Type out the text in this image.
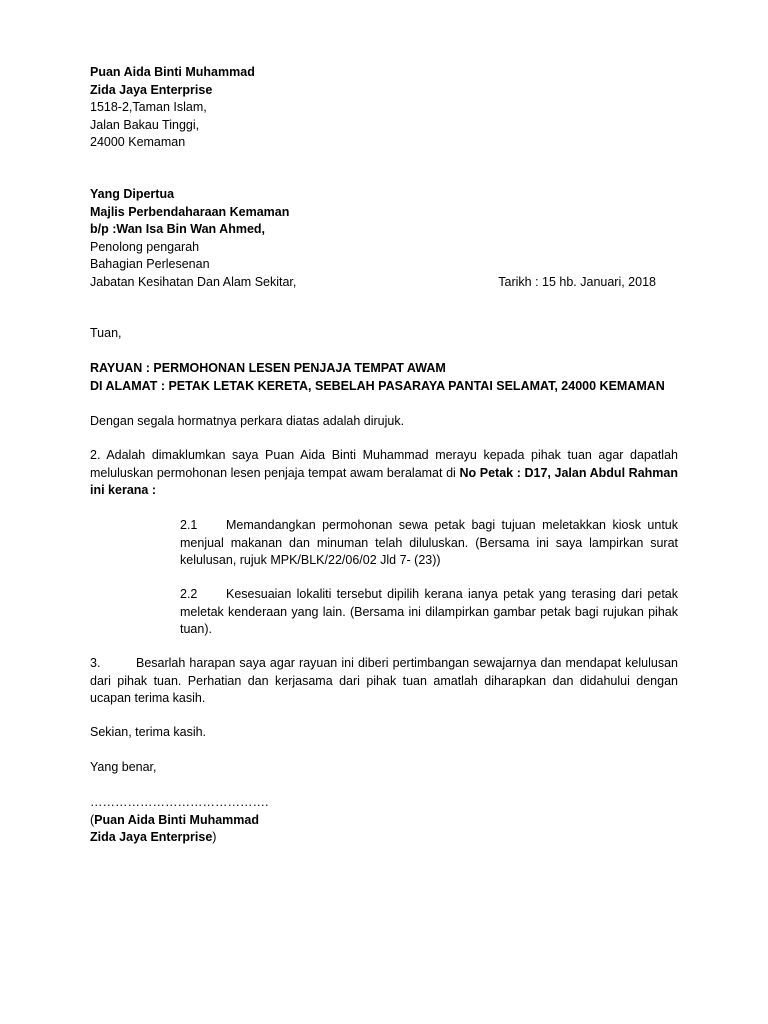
Puan Aida Binti Muhammad

Zida Jaya Enterprise

1518-2,Taman Islam,

Jalan Bakau Tinggi,

24000 Kemaman

Yang Dipertua

Majlis Perbendaharaan Kemaman

b/p :Wan Isa Bin Wan Ahmed,

Penolong pengarah

Bahagian Perlesenan

Jabatan Kesihatan Dan Alam Sekitar,	Tarikh : 15 hb. Januari, 2018

Tuan,

RAYUAN : PERMOHONAN LESEN PENJAJA TEMPAT AWAM

DI ALAMAT : PETAK LETAK KERETA, SEBELAH PASARAYA PANTAI SELAMAT, 24000 KEMAMAN

Dengan segala hormatnya perkara diatas adalah dirujuk.

2. Adalah dimaklumkan saya Puan Aida Binti Muhammad merayu kepada pihak tuan agar dapatlah meluluskan permohonan lesen penjaja tempat awam beralamat di No Petak : D17, Jalan Abdul Rahman ini kerana :

2.1 Memandangkan permohonan sewa petak bagi tujuan meletakkan kiosk untuk menjual makanan dan minuman telah diluluskan. (Bersama ini saya lampirkan surat kelulusan, rujuk MPK/BLK/22/06/02 Jld 7- (23))

2.2 Kesesuaian lokaliti tersebut dipilih kerana ianya petak yang terasing dari petak meletak kenderaan yang lain. (Bersama ini dilampirkan gambar petak bagi rujukan pihak tuan).

3.	Besarlah harapan saya agar rayuan ini diberi pertimbangan sewajarnya dan mendapat kelulusan dari pihak tuan. Perhatian dan kerjasama dari pihak tuan amatlah diharapkan dan didahului dengan ucapan terima kasih.

Sekian, terima kasih.

Yang benar,

…………………………………….

(Puan Aida Binti Muhammad

Zida Jaya Enterprise)
